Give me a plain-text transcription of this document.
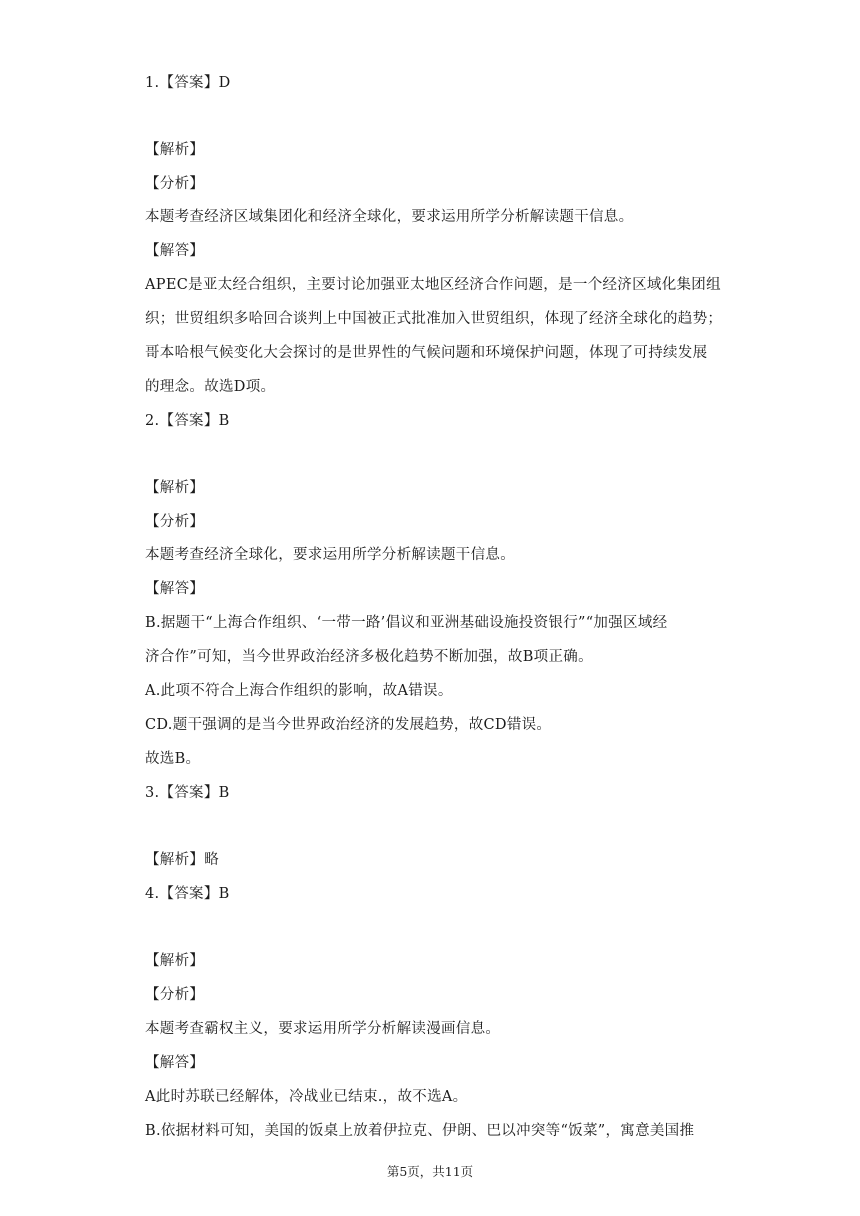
1.【答案】D
【解析】
【分析】
本题考查经济区域集团化和经济全球化，要求运用所学分析解读题干信息。
【解答】
APEC是亚太经合组织，主要讨论加强亚太地区经济合作问题，是一个经济区域化集团组
织；世贸组织多哈回合谈判上中国被正式批准加入世贸组织，体现了经济全球化的趋势；
哥本哈根气候变化大会探讨的是世界性的气候问题和环境保护问题，体现了可持续发展
的理念。故选D项。
2.【答案】B
【解析】
【分析】
本题考查经济全球化，要求运用所学分析解读题干信息。
【解答】
B.据题干“上海合作组织、‘一带一路’倡议和亚洲基础设施投资银行”“加强区域经
济合作”可知，当今世界政治经济多极化趋势不断加强，故B项正确。
A.此项不符合上海合作组织的影响，故A错误。
CD.题干强调的是当今世界政治经济的发展趋势，故CD错误。
故选B。
3.【答案】B
【解析】略
4.【答案】B
【解析】
【分析】
本题考查霸权主义，要求运用所学分析解读漫画信息。
【解答】
A此时苏联已经解体，冷战业已结束.，故不选A。
B.依据材料可知，美国的饭桌上放着伊拉克、伊朗、巴以冲突等“饭菜”，寓意美国推
第5页，共11页
